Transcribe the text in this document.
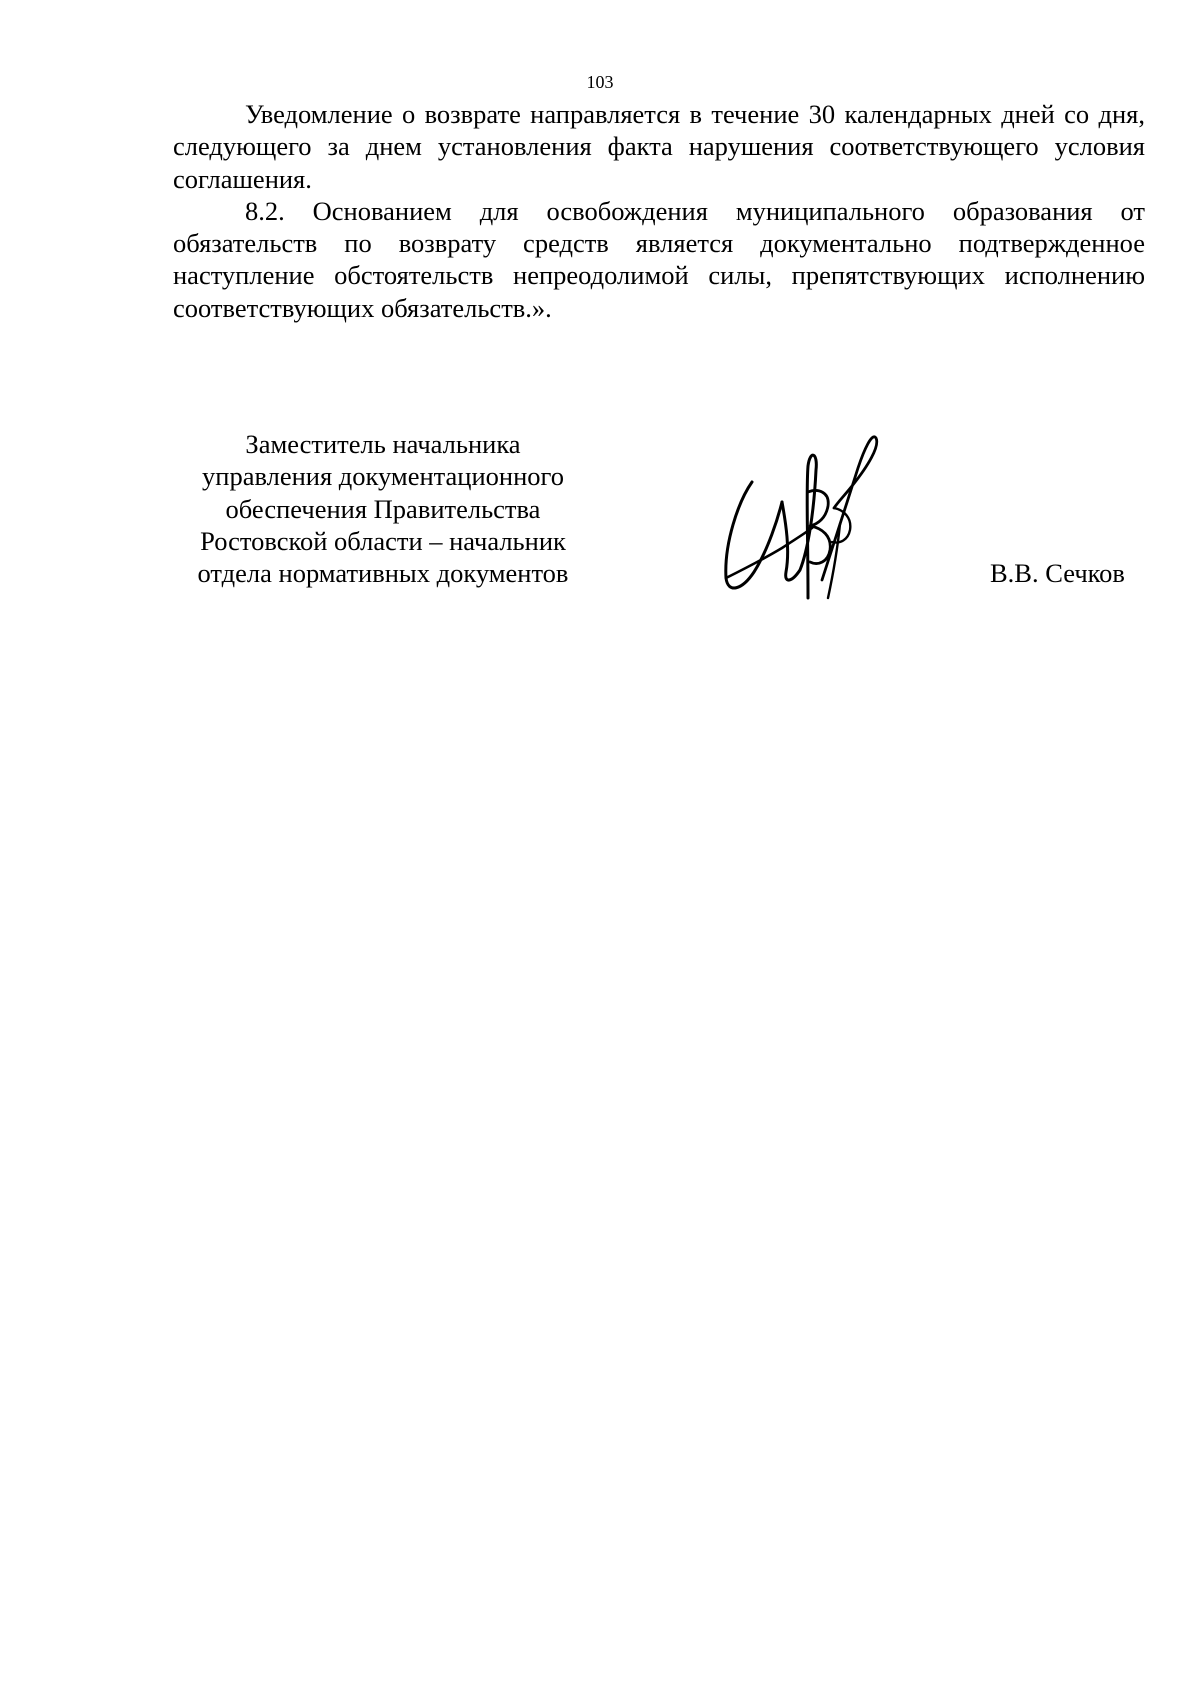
103

Уведомление о возврате направляется в течение 30 календарных дней со дня, следующего за днем установления факта нарушения соответствующего условия соглашения.

8.2. Основанием для освобождения муниципального образования от обязательств по возврату средств является документально подтвержденное наступление обстоятельств непреодолимой силы, препятствующих исполнению соответствующих обязательств.».

Заместитель начальника
управления документационного
обеспечения Правительства
Ростовской области – начальник
отдела нормативных документов	В.В. Сечков
